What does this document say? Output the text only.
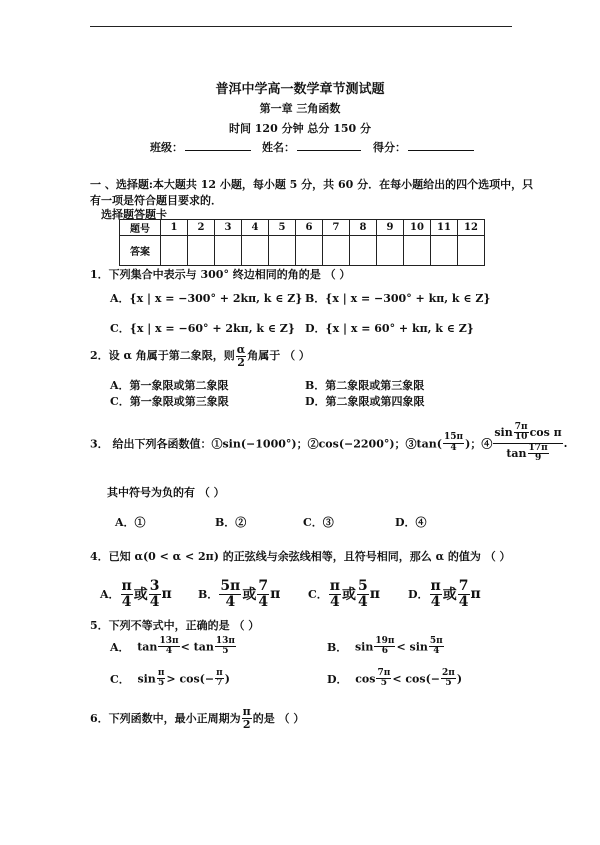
普洱中学高一数学章节测试题
第一章 三角函数
时间 120 分钟 总分 150 分
班级：	姓名：	得分：
一 、选择题:本大题共 12 小题，每小题 5 分，共 60 分．在每小题给出的四个选项中，只
有一项是符合题目要求的．
选择题答题卡
题号	1	2	3	4	5	6	7	8	9	10	11	12
答案												
1．下列集合中表示与 300° 终边相同的角的是 （ ）
A．{x | x = −300° + 2kπ, k ∈ Z} B．{x | x = −300° + kπ, k ∈ Z}
C．{x | x = −60° + 2kπ, k ∈ Z} D．{x | x = 60° + kπ, k ∈ Z}
2．设 α 角属于第二象限，则 $\frac{\alpha}{2}$ 角属于 （ ）
A．第一象限或第二象限	B．第二象限或第三象限
C．第一象限或第三象限	D．第二象限或第四象限
3． 给出下列各函数值：①sin(−1000°)；②cos(−2200°)；③tan( $\frac{15\pi}{4}$ )；④ $\frac{\sin \frac{7\pi}{10} \cos \pi}{\tan \frac{17\pi}{9}}$ .
其中符号为负的有 （ ）
A．①	B．②	C．③	D．④
4．已知 α(0 < α < 2π) 的正弦线与余弦线相等，且符号相同，那么 α 的值为 （ ）
A． $\frac{\pi}{4}$ 或 $\frac{3}{4}$ π B． $\frac{5\pi}{4}$ 或 $\frac{7}{4}$ π	C． $\frac{\pi}{4}$ 或 $\frac{5}{4}$ π	D． $\frac{\pi}{4}$ 或 $\frac{7}{4}$ π
5．下列不等式中，正确的是 （ ）
A． $\tan \frac{13\pi}{4} < \tan \frac{13\pi}{5}$	B． $\sin \frac{19\pi}{6} < \sin \frac{5\pi}{4}$
C． $\sin \frac{\pi}{5} > \cos(- \frac{\pi}{7}$ )	D． $\cos \frac{7\pi}{5} < \cos(- \frac{2\pi}{5}$ )
6．下列函数中，最小正周期为 $\frac{\pi}{2}$ 的是 （ ）
